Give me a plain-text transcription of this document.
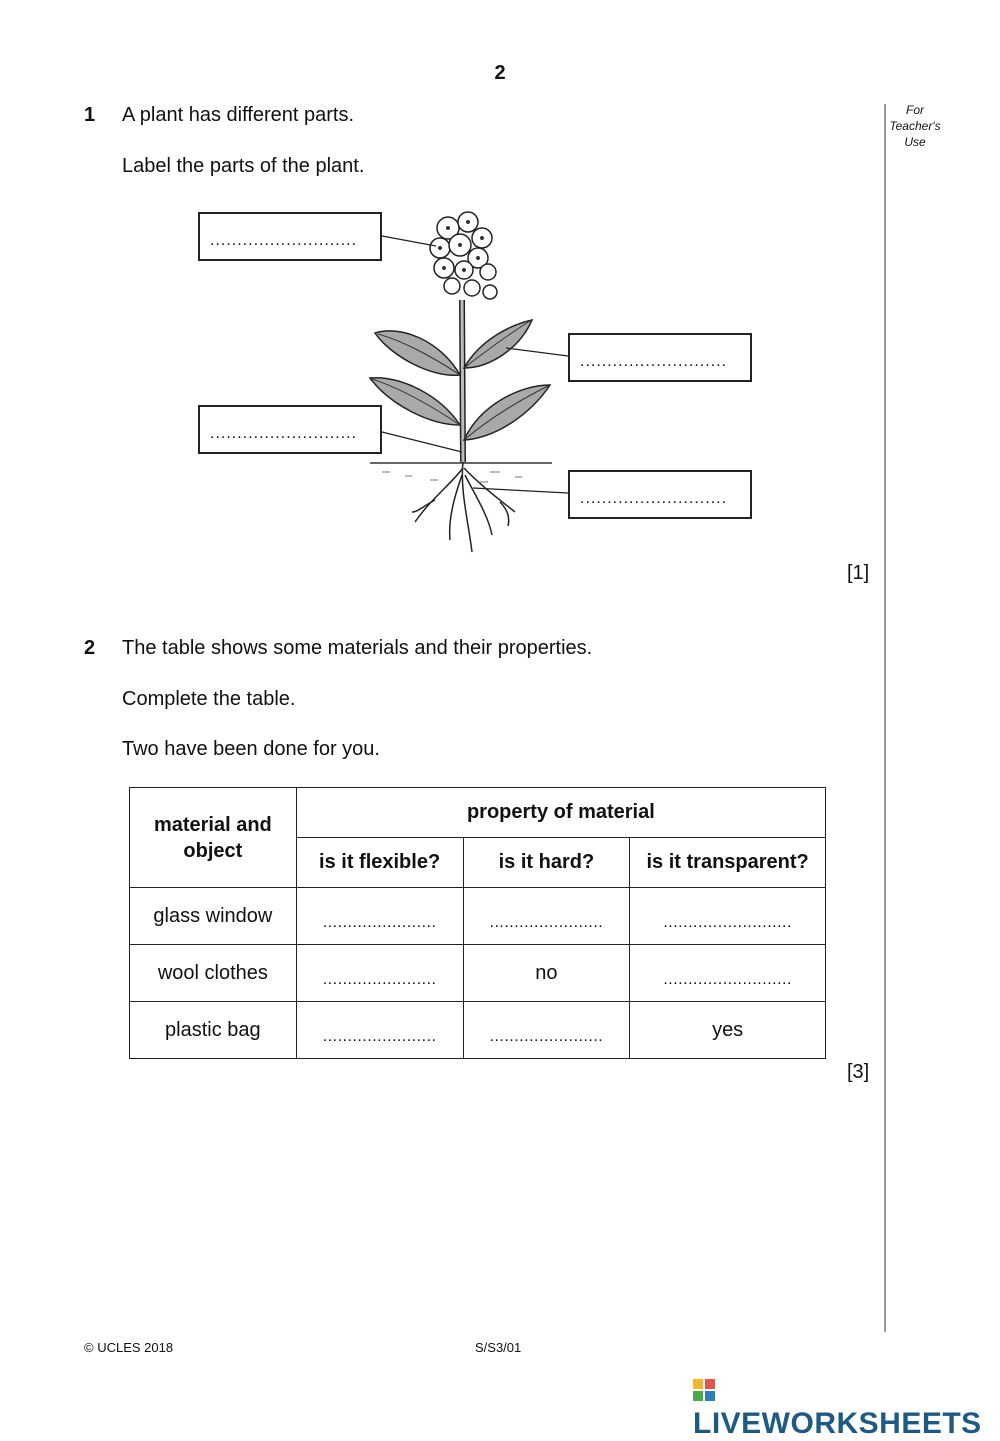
2
For
Teacher's
Use
1 A plant has different parts.
Label the parts of the plant.
...........................
...........................
...........................
...........................
[1]
2 The table shows some materials and their properties.
Complete the table.
Two have been done for you.
material and object	property of material		
	is it flexible?	is it hard?	is it transparent?
glass window	.......................	.......................	..........................

wool clothes	.......................	no	..........................

plastic bag	.......................	.......................	yes
[3]
© UCLES 2018	S/S3/01
LIVEWORKSHEETS
